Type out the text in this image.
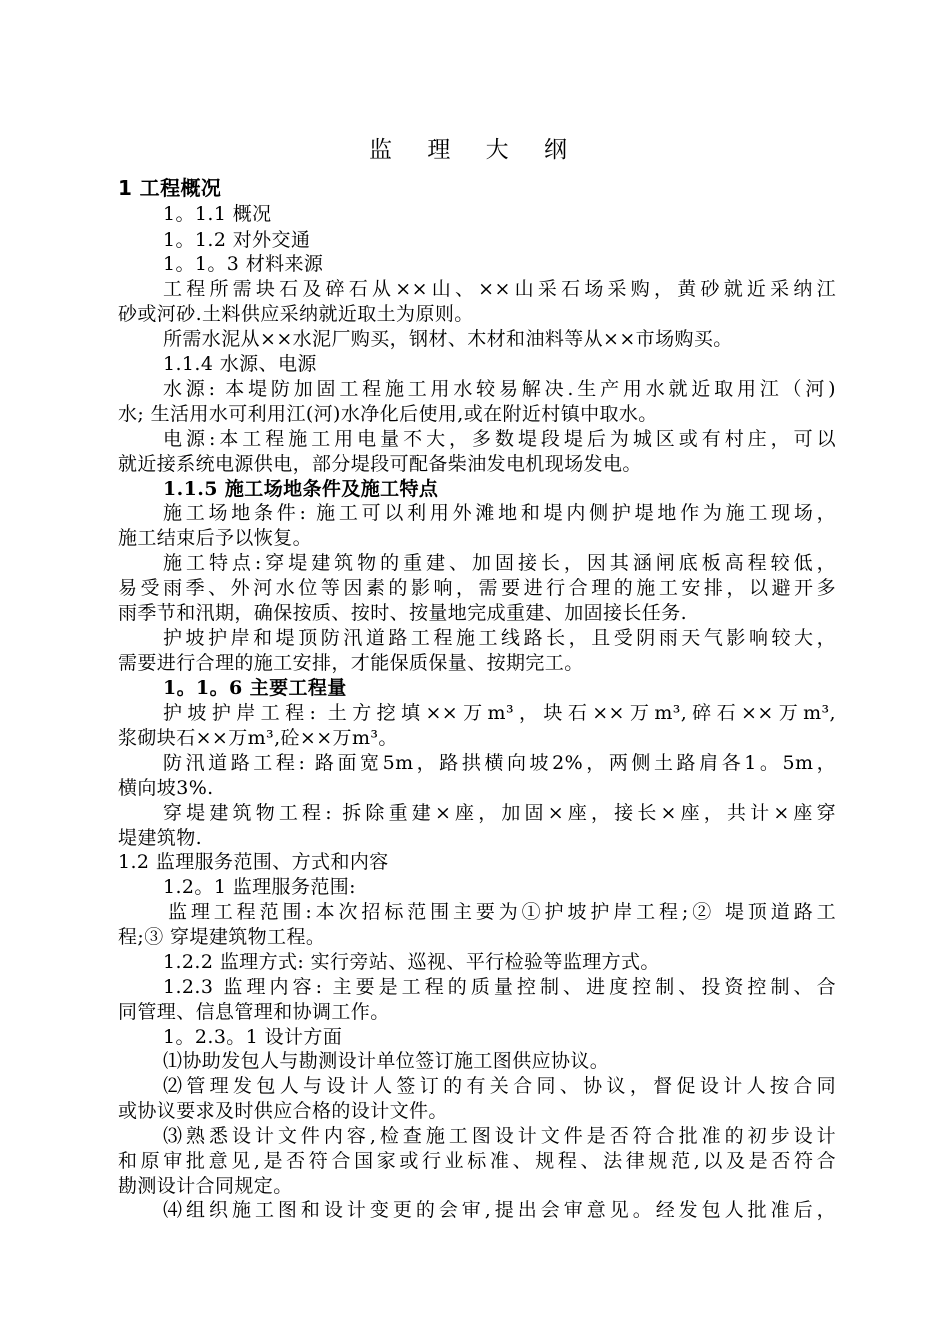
监 理 大 纲
1 工程概况
1。1.1 概况
1。1.2 对外交通
1。1。3 材料来源
工程所需块石及碎石从××山、××山采石场采购，黄砂就近采纳江
砂或河砂.土料供应采纳就近取土为原则。
所需水泥从××水泥厂购买，钢材、木材和油料等从××市场购买。
1.1.4 水源、电源
水源: 本堤防加固工程施工用水较易解决.生产用水就近取用江（河)
水; 生活用水可利用江(河)水净化后使用,或在附近村镇中取水。
电源:本工程施工用电量不大，多数堤段堤后为城区或有村庄，可以
就近接系统电源供电，部分堤段可配备柴油发电机现场发电。
1.1.5 施工场地条件及施工特点
施工场地条件: 施工可以利用外滩地和堤内侧护堤地作为施工现场，
施工结束后予以恢复。
施工特点:穿堤建筑物的重建、加固接长，因其涵闸底板高程较低，
易受雨季、外河水位等因素的影响，需要进行合理的施工安排，以避开多
雨季节和汛期，确保按质、按时、按量地完成重建、加固接长任务.
护坡护岸和堤顶防汛道路工程施工线路长，且受阴雨天气影响较大，
需要进行合理的施工安排，才能保质保量、按期完工。
1。1。6 主要工程量
护坡护岸工程: 土方挖填××万m³，块石××万m³,碎石××万m³,
浆砌块石××万m³,砼××万m³。
防汛道路工程: 路面宽5m，路拱横向坡2%，两侧土路肩各1。5m，
横向坡3%.
穿堤建筑物工程: 拆除重建×座，加固×座，接长×座，共计×座穿
堤建筑物.
1.2 监理服务范围、方式和内容
1.2。1 监理服务范围:
监理工程范围:本次招标范围主要为①护坡护岸工程;② 堤顶道路工
程;③ 穿堤建筑物工程。
1.2.2 监理方式: 实行旁站、巡视、平行检验等监理方式。
1.2.3 监理内容: 主要是工程的质量控制、进度控制、投资控制、合
同管理、信息管理和协调工作。
1。2.3。1 设计方面
⑴协助发包人与勘测设计单位签订施工图供应协议。
⑵管理发包人与设计人签订的有关合同、协议，督促设计人按合同
或协议要求及时供应合格的设计文件。
⑶熟悉设计文件内容,检查施工图设计文件是否符合批准的初步设计
和原审批意见,是否符合国家或行业标准、规程、法律规范,以及是否符合
勘测设计合同规定。
⑷组织施工图和设计变更的会审,提出会审意见。经发包人批准后，
